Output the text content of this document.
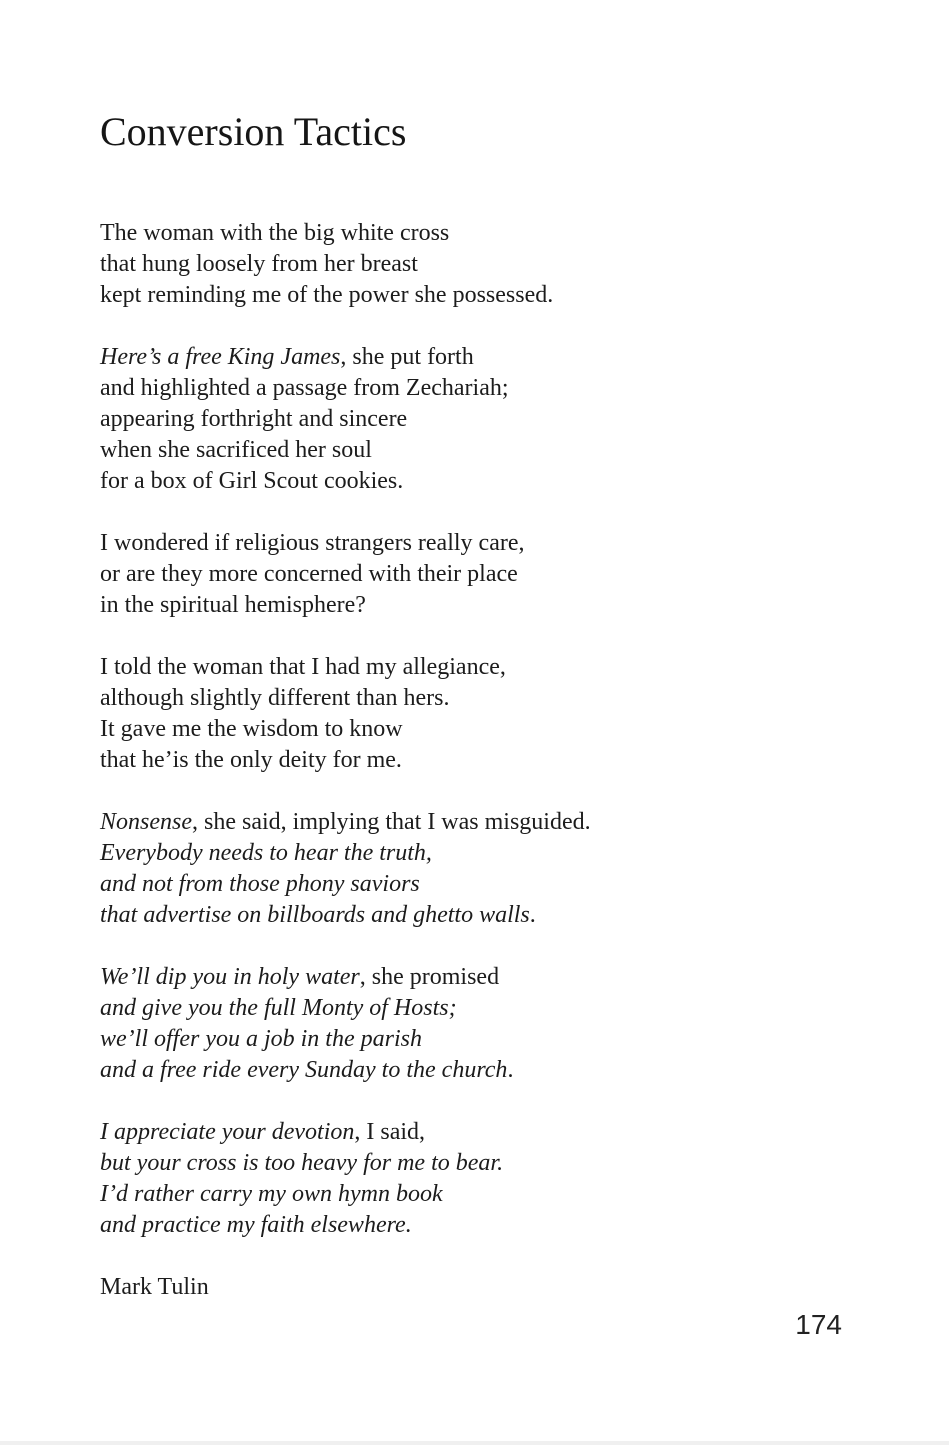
Conversion Tactics
The woman with the big white cross
that hung loosely from her breast
kept reminding me of the power she possessed.
Here’s a free King James, she put forth
and highlighted a passage from Zechariah;
appearing forthright and sincere
when she sacrificed her soul
for a box of Girl Scout cookies.
I wondered if religious strangers really care,
or are they more concerned with their place
in the spiritual hemisphere?
I told the woman that I had my allegiance,
although slightly different than hers.
It gave me the wisdom to know
that he’is the only deity for me.
Nonsense, she said, implying that I was misguided.
Everybody needs to hear the truth,
and not from those phony saviors
that advertise on billboards and ghetto walls.
We’ll dip you in holy water, she promised
and give you the full Monty of Hosts;
we’ll offer you a job in the parish
and a free ride every Sunday to the church.
I appreciate your devotion, I said,
but your cross is too heavy for me to bear.
I’d rather carry my own hymn book
and practice my faith elsewhere.
Mark Tulin
174
